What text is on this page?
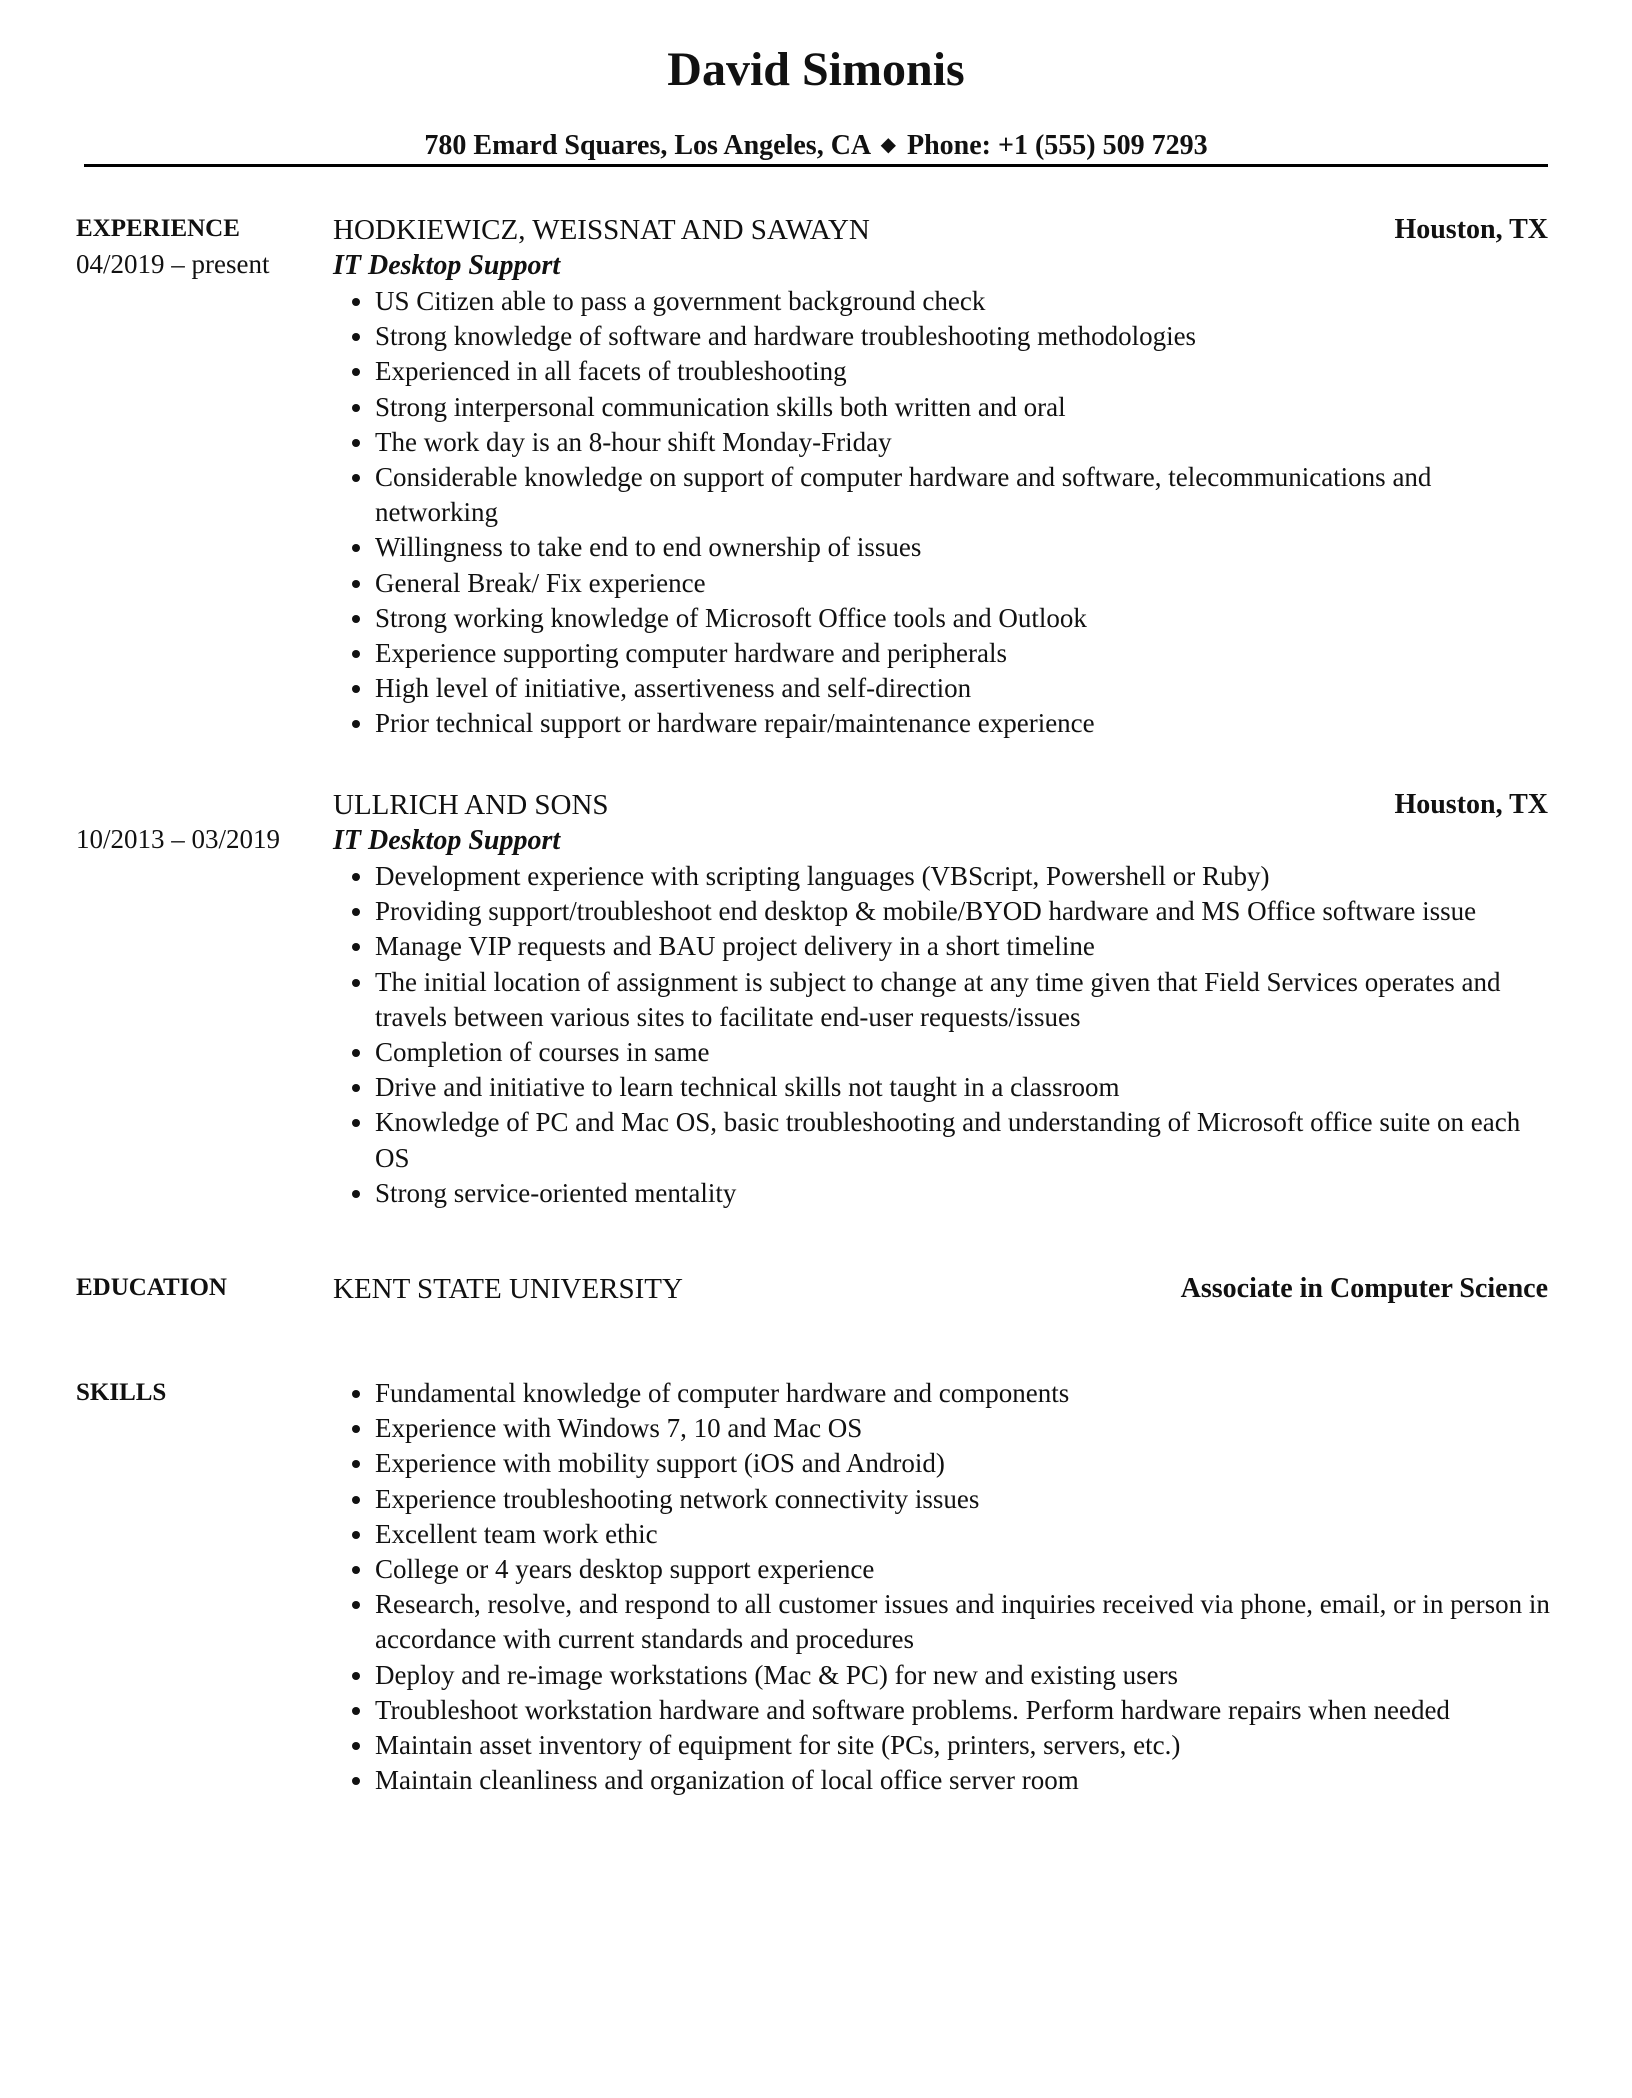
David Simonis
780 Emard Squares, Los Angeles, CA ◆ Phone: +1 (555) 509 7293
EXPERIENCE
04/2019 – present
HODKIEWICZ, WEISSNAT AND SAWAYN	Houston, TX
IT Desktop Support
US Citizen able to pass a government background check
Strong knowledge of software and hardware troubleshooting methodologies
Experienced in all facets of troubleshooting
Strong interpersonal communication skills both written and oral
The work day is an 8-hour shift Monday-Friday
Considerable knowledge on support of computer hardware and software, telecommunications and networking
Willingness to take end to end ownership of issues
General Break/ Fix experience
Strong working knowledge of Microsoft Office tools and Outlook
Experience supporting computer hardware and peripherals
High level of initiative, assertiveness and self-direction
Prior technical support or hardware repair/maintenance experience
10/2013 – 03/2019
ULLRICH AND SONS	Houston, TX
IT Desktop Support
Development experience with scripting languages (VBScript, Powershell or Ruby)
Providing support/troubleshoot end desktop & mobile/BYOD hardware and MS Office software issue
Manage VIP requests and BAU project delivery in a short timeline
The initial location of assignment is subject to change at any time given that Field Services operates and travels between various sites to facilitate end-user requests/issues
Completion of courses in same
Drive and initiative to learn technical skills not taught in a classroom
Knowledge of PC and Mac OS, basic troubleshooting and understanding of Microsoft office suite on each OS
Strong service-oriented mentality
EDUCATION	KENT STATE UNIVERSITY	Associate in Computer Science
SKILLS	Fundamental knowledge of computer hardware and components
Experience with Windows 7, 10 and Mac OS
Experience with mobility support (iOS and Android)
Experience troubleshooting network connectivity issues
Excellent team work ethic
College or 4 years desktop support experience
Research, resolve, and respond to all customer issues and inquiries received via phone, email, or in person in accordance with current standards and procedures
Deploy and re-image workstations (Mac & PC) for new and existing users
Troubleshoot workstation hardware and software problems. Perform hardware repairs when needed
Maintain asset inventory of equipment for site (PCs, printers, servers, etc.)
Maintain cleanliness and organization of local office server room
